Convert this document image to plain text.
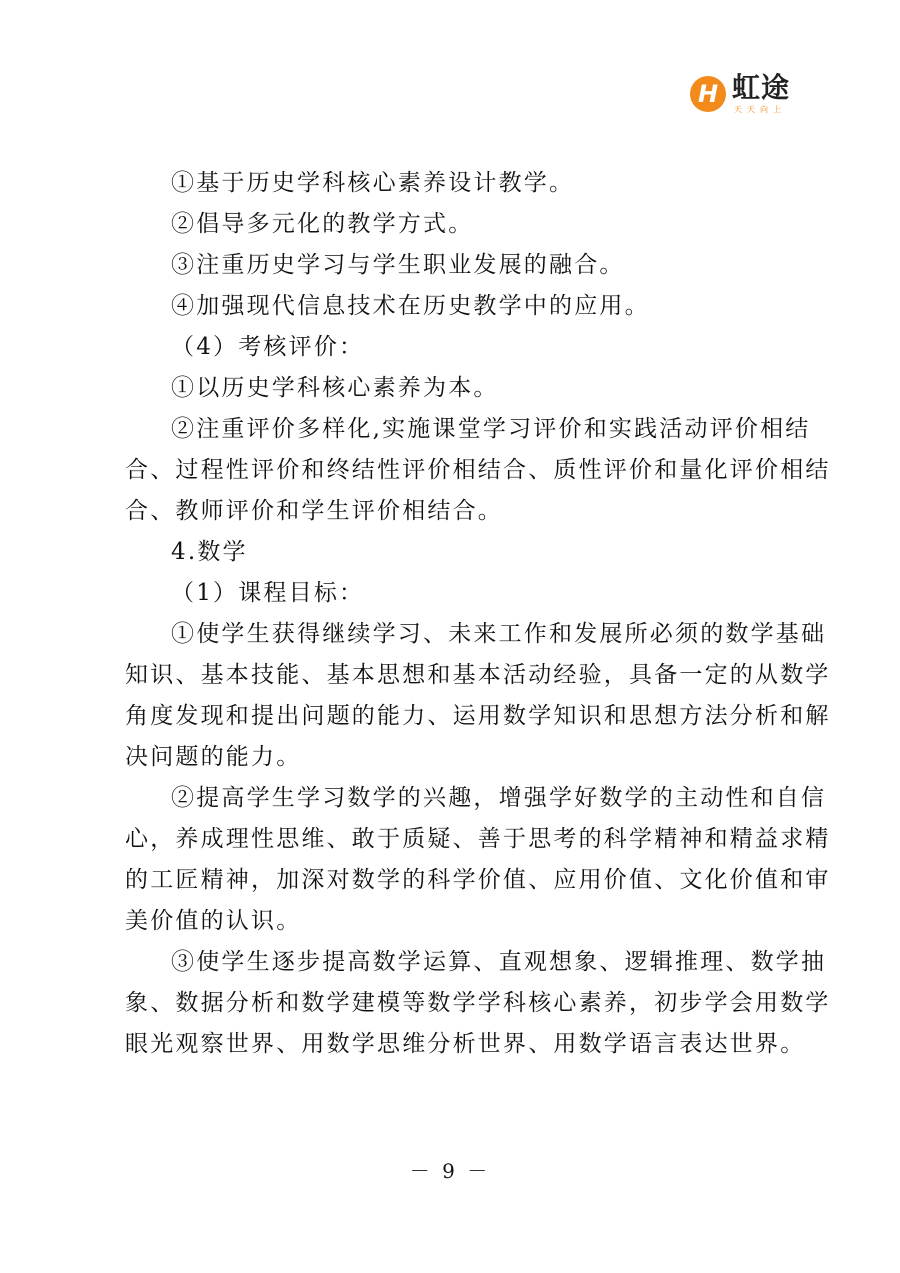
H 虹途
天天向上
①基于历史学科核心素养设计教学。
②倡导多元化的教学方式。
③注重历史学习与学生职业发展的融合。
④加强现代信息技术在历史教学中的应用。
（4）考核评价：
①以历史学科核心素养为本。
②注重评价多样化,实施课堂学习评价和实践活动评价相结
合、过程性评价和终结性评价相结合、质性评价和量化评价相结
合、教师评价和学生评价相结合。
4.数学
（1）课程目标：
①使学生获得继续学习、未来工作和发展所必须的数学基础
知识、基本技能、基本思想和基本活动经验，具备一定的从数学
角度发现和提出问题的能力、运用数学知识和思想方法分析和解
决问题的能力。
②提高学生学习数学的兴趣，增强学好数学的主动性和自信
心，养成理性思维、敢于质疑、善于思考的科学精神和精益求精
的工匠精神，加深对数学的科学价值、应用价值、文化价值和审
美价值的认识。
③使学生逐步提高数学运算、直观想象、逻辑推理、数学抽
象、数据分析和数学建模等数学学科核心素养，初步学会用数学
眼光观察世界、用数学思维分析世界、用数学语言表达世界。
－ 9 －
